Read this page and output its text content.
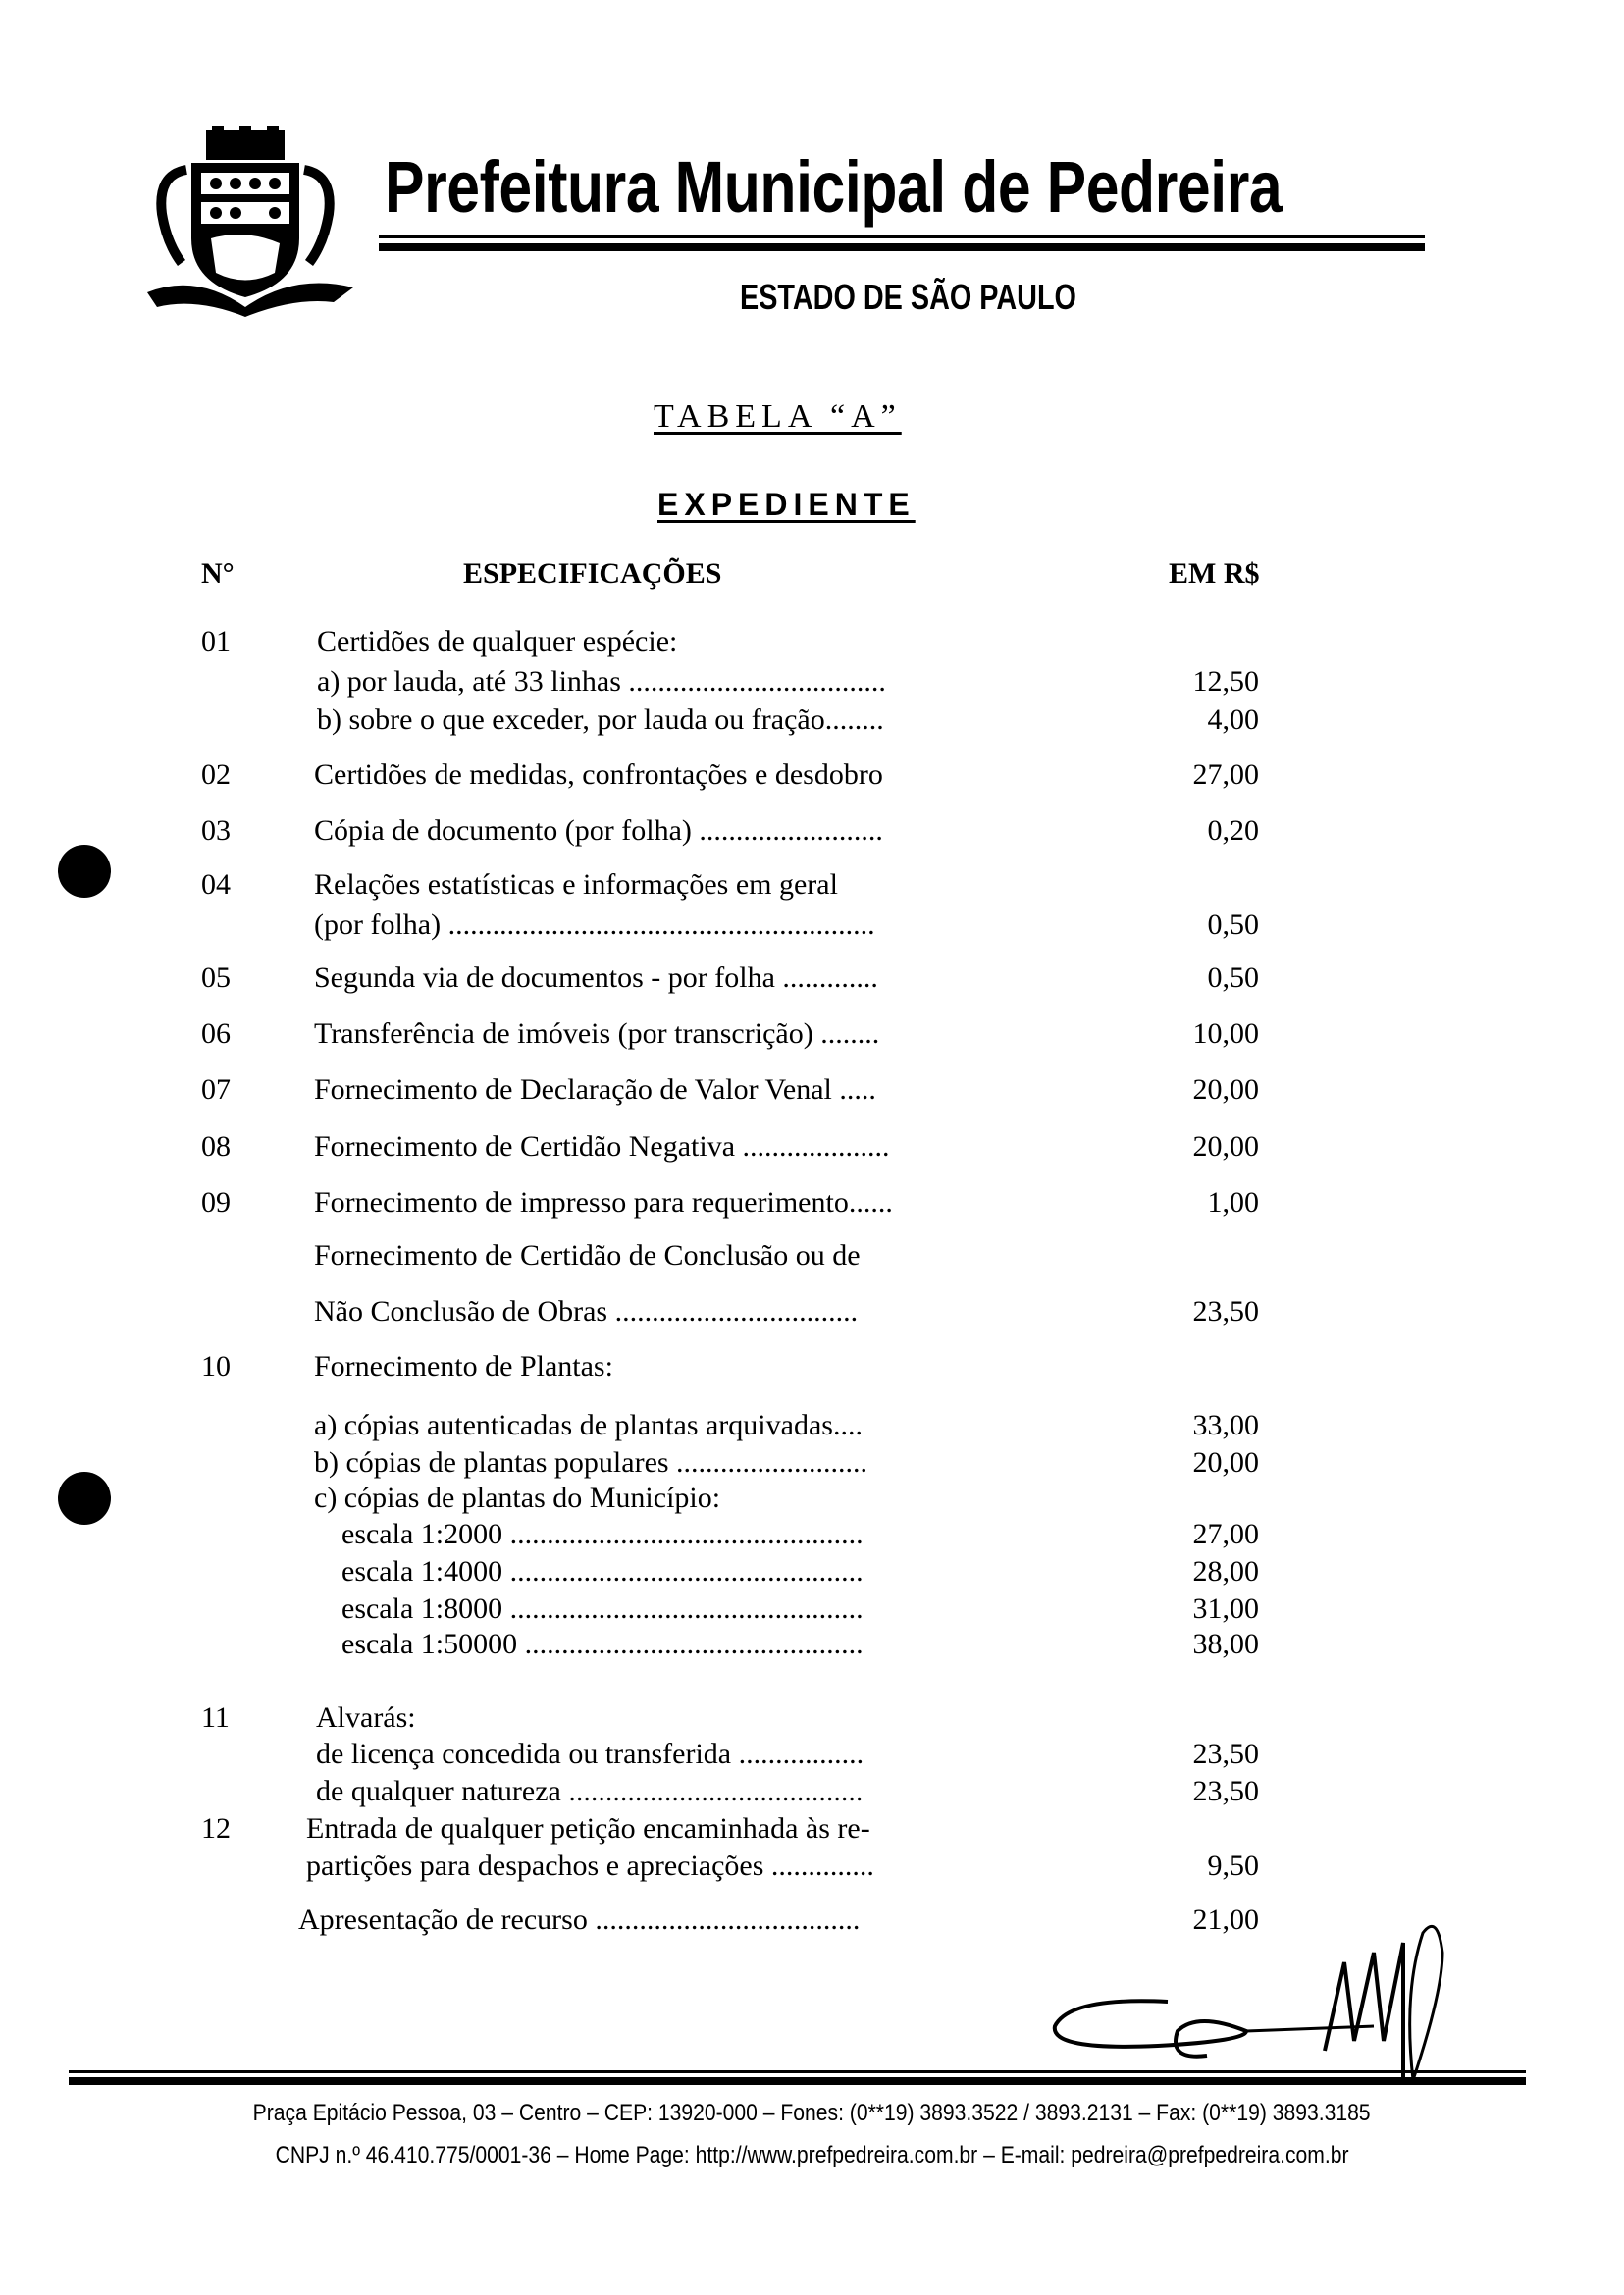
Prefeitura Municipal de Pedreira
ESTADO DE SÃO PAULO
TABELA “A”
EXPEDIENTE
N°	ESPECIFICAÇÕES	EM R$
01	Certidões de qualquer espécie:
a) por lauda, até 33 linhas ...................................	12,50
b) sobre o que exceder, por lauda ou fração........	4,00
02	Certidões de medidas, confrontações e desdobro	27,00
03	Cópia de documento (por folha) .........................	0,20
04	Relações estatísticas e informações em geral
(por folha) ..........................................................	0,50
05	Segunda via de documentos - por folha .............	0,50
06	Transferência de imóveis (por transcrição) ........	10,00
07	Fornecimento de Declaração de Valor Venal .....	20,00
08	Fornecimento de Certidão Negativa ....................	20,00
09	Fornecimento de impresso para requerimento......	1,00
Fornecimento de Certidão de Conclusão ou de
Não Conclusão de Obras .................................	23,50
10	Fornecimento de Plantas:
a) cópias autenticadas de plantas arquivadas....	33,00
b) cópias de plantas populares ..........................	20,00
c) cópias de plantas do Município:
escala 1:2000 ................................................	27,00
escala 1:4000 ................................................	28,00
escala 1:8000 ................................................	31,00
escala 1:50000 ..............................................	38,00
11	Alvarás:
de licença concedida ou transferida .................	23,50
de qualquer natureza ........................................	23,50
12	Entrada de qualquer petição encaminhada às re-
partições para despachos e apreciações ..............	9,50
Apresentação de recurso ....................................	21,00
Praça Epitácio Pessoa, 03 – Centro – CEP: 13920-000 – Fones: (0**19) 3893.3522 / 3893.2131 – Fax: (0**19) 3893.3185
CNPJ n.º 46.410.775/0001-36 – Home Page: http://www.prefpedreira.com.br – E-mail: pedreira@prefpedreira.com.br
